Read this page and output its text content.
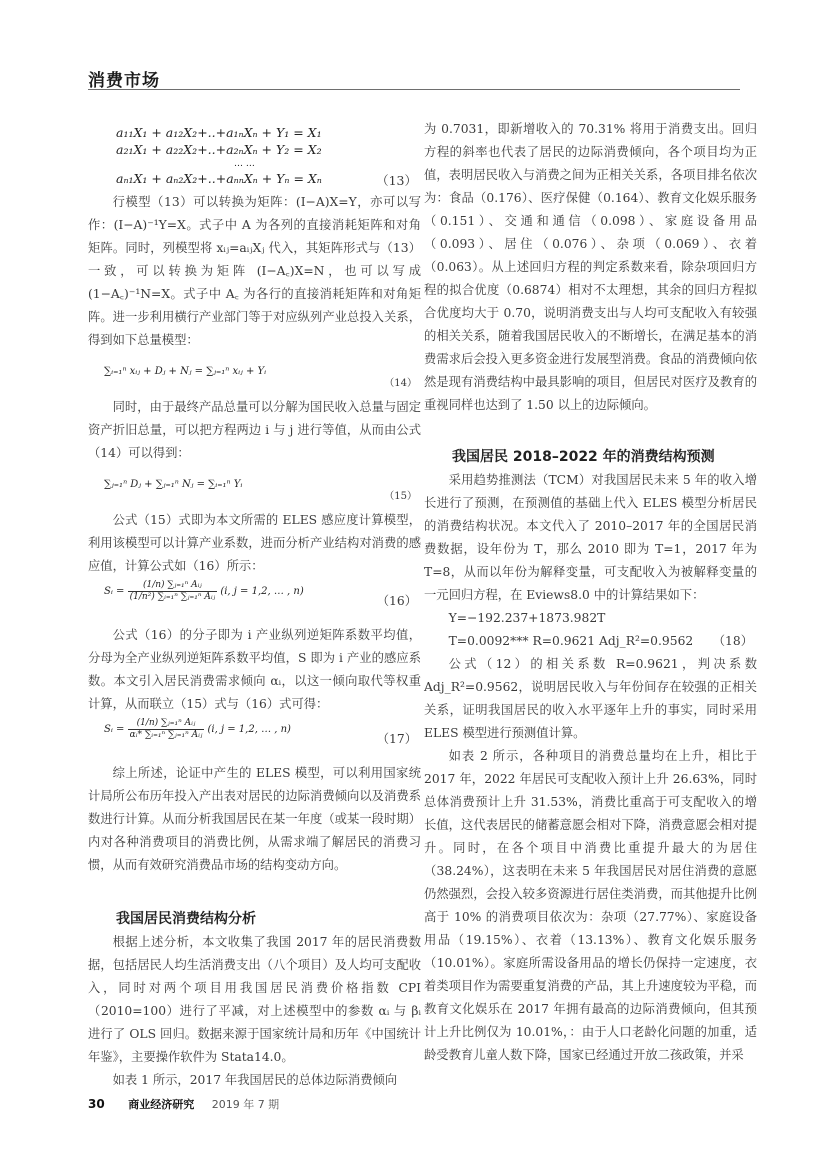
消费市场
a₁₁X₁ + a₁₂X₂+..+a₁ₙXₙ + Y₁ = X₁
a₂₁X₁ + a₂₂X₂+..+a₂ₙXₙ + Y₂ = X₂
… …
aₙ₁X₁ + aₙ₂X₂+..+aₙₙXₙ + Yₙ = Xₙ	（13）

行模型（13）可以转换为矩阵：(I−A)X=Y，亦可以写作：(I−A)⁻¹Y=X。式子中 A 为各列的直接消耗矩阵和对角矩阵。同时，列模型将 xᵢⱼ=aᵢⱼXⱼ 代入，其矩阵形式与（13）一致，可以转换为矩阵 (I−A꜀)X=N，也可以写成 (1−A꜀)⁻¹N=X。式子中 A꜀ 为各行的直接消耗矩阵和对角矩阵。进一步利用横行产业部门等于对应纵列产业总投入关系，得到如下总量模型：

∑ᵢ₌₁ⁿ xᵢⱼ + Dⱼ + Nⱼ = ∑ⱼ₌₁ⁿ xᵢⱼ + Yᵢ
（14）

同时，由于最终产品总量可以分解为国民收入总量与固定资产折旧总量，可以把方程两边 i 与 j 进行等值，从而由公式（14）可以得到：

∑ⱼ₌₁ⁿ Dⱼ + ∑ⱼ₌₁ⁿ Nⱼ = ∑ᵢ₌₁ⁿ Yᵢ
（15）

公式（15）式即为本文所需的 ELES 感应度计算模型，利用该模型可以计算产业系数，进而分析产业结构对消费的感应值，计算公式如（16）所示：

Sᵢ = $\frac{\text{(1/n) ∑ⱼ₌₁ⁿ Aᵢⱼ}}{\text{(1/n²) ∑ᵢ₌₁ⁿ ∑ⱼ₌₁ⁿ Aᵢⱼ}} (i$, j = 1,2, … , n)
（16）

公式（16）的分子即为 i 产业纵列逆矩阵系数平均值，分母为全产业纵列逆矩阵系数平均值，S 即为 i 产业的感应系数。本文引入居民消费需求倾向 αᵢ，以这一倾向取代等权重计算，从而联立（15）式与（16）式可得：

Sᵢ = $\frac{\text{(1/n) ∑ⱼ₌₁ⁿ Aᵢⱼ}}{\text{αᵢ* ∑ᵢ₌₁ⁿ ∑ⱼ₌₁ⁿ Aᵢⱼ}} (i$, j = 1,2, … , n)
（17）

综上所述，论证中产生的 ELES 模型，可以利用国家统计局所公布历年投入产出表对居民的边际消费倾向以及消费系数进行计算。从而分析我国居民在某一年度（或某一段时期）内对各种消费项目的消费比例，从需求端了解居民的消费习惯，从而有效研究消费品市场的结构变动方向。

我国居民消费结构分析

根据上述分析，本文收集了我国 2017 年的居民消费数据，包括居民人均生活消费支出（八个项目）及人均可支配收入，同时对两个项目用我国居民消费价格指数 CPI（2010=100）进行了平减，对上述模型中的参数 αᵢ 与 βᵢ 进行了 OLS 回归。数据来源于国家统计局和历年《中国统计年鉴》，主要操作软件为 Stata14.0。

如表 1 所示，2017 年我国居民的总体边际消费倾向

为 0.7031，即新增收入的 70.31% 将用于消费支出。回归方程的斜率也代表了居民的边际消费倾向，各个项目均为正值，表明居民收入与消费之间为正相关关系，各项目排名依次为：食品（0.176）、医疗保健（0.164）、教育文化娱乐服务（0.151）、交通和通信（0.098）、家庭设备用品（0.093）、居住（0.076）、杂项（0.069）、衣着（0.063）。从上述回归方程的判定系数来看，除杂项回归方程的拟合优度（0.6874）相对不太理想，其余的回归方程拟合优度均大于 0.70，说明消费支出与人均可支配收入有较强的相关关系，随着我国居民收入的不断增长，在满足基本的消费需求后会投入更多资金进行发展型消费。食品的消费倾向依然是现有消费结构中最具影响的项目，但居民对医疗及教育的重视同样也达到了 1.50 以上的边际倾向。

我国居民 2018–2022 年的消费结构预测

采用趋势推测法（TCM）对我国居民未来 5 年的收入增长进行了预测，在预测值的基础上代入 ELES 模型分析居民的消费结构状况。本文代入了 2010–2017 年的全国居民消费数据，设年份为 T，那么 2010 即为 T=1，2017 年为 T=8，从而以年份为解释变量，可支配收入为被解释变量的一元回归方程，在 Eviews8.0 中的计算结果如下：

Y=−192.237+1873.982T

T=0.0092*** R=0.9621 Adj_R²=0.9562 （18）

公式（12）的相关系数 R=0.9621，判决系数 Adj_R²=0.9562，说明居民收入与年份间存在较强的正相关关系，证明我国居民的收入水平逐年上升的事实，同时采用 ELES 模型进行预测值计算。

如表 2 所示，各种项目的消费总量均在上升，相比于 2017 年，2022 年居民可支配收入预计上升 26.63%，同时总体消费预计上升 31.53%，消费比重高于可支配收入的增长值，这代表居民的储蓄意愿会相对下降，消费意愿会相对提升。同时，在各个项目中消费比重提升最大的为居住（38.24%），这表明在未来 5 年我国居民对居住消费的意愿仍然强烈，会投入较多资源进行居住类消费，而其他提升比例高于 10% 的消费项目依次为：杂项（27.77%）、家庭设备用品（19.15%）、衣着（13.13%）、教育文化娱乐服务（10.01%）。家庭所需设备用品的增长仍保持一定速度，衣着类项目作为需要重复消费的产品，其上升速度较为平稳，而教育文化娱乐在 2017 年拥有最高的边际消费倾向，但其预计上升比例仅为 10.01%，：由于人口老龄化问题的加重，适龄受教育儿童人数下降，国家已经通过开放二孩政策，并采

30 商业经济研究 2019 年 7 期
